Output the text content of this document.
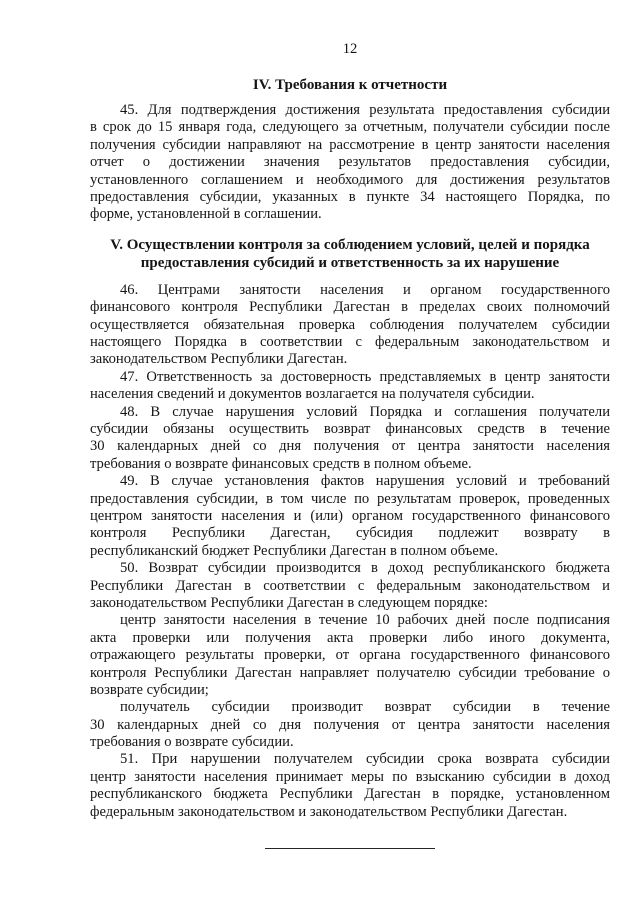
12
IV. Требования к отчетности
45. Для подтверждения достижения результата предоставления субсидии
в срок до 15 января года, следующего за отчетным, получатели субсидии после
получения субсидии направляют на рассмотрение в центр занятости населения
отчет о достижении значения результатов предоставления субсидии,
установленного соглашением и необходимого для достижения результатов
предоставления субсидии, указанных в пункте 34 настоящего Порядка, по
форме, установленной в соглашении.
V. Осуществлении контроля за соблюдением условий, целей и порядка
предоставления субсидий и ответственность за их нарушение
46. Центрами занятости населения и органом государственного
финансового контроля Республики Дагестан в пределах своих полномочий
осуществляется обязательная проверка соблюдения получателем субсидии
настоящего Порядка в соответствии с федеральным законодательством и
законодательством Республики Дагестан.
47. Ответственность за достоверность представляемых в центр занятости
населения сведений и документов возлагается на получателя субсидии.
48. В случае нарушения условий Порядка и соглашения получатели
субсидии обязаны осуществить возврат финансовых средств в течение
30 календарных дней со дня получения от центра занятости населения
требования о возврате финансовых средств в полном объеме.
49. В случае установления фактов нарушения условий и требований
предоставления субсидии, в том числе по результатам проверок, проведенных
центром занятости населения и (или) органом государственного финансового
контроля Республики Дагестан, субсидия подлежит возврату в
республиканский бюджет Республики Дагестан в полном объеме.
50. Возврат субсидии производится в доход республиканского бюджета
Республики Дагестан в соответствии с федеральным законодательством и
законодательством Республики Дагестан в следующем порядке:
центр занятости населения в течение 10 рабочих дней после подписания
акта проверки или получения акта проверки либо иного документа,
отражающего результаты проверки, от органа государственного финансового
контроля Республики Дагестан направляет получателю субсидии требование о
возврате субсидии;
получатель субсидии производит возврат субсидии в течение
30 календарных дней со дня получения от центра занятости населения
требования о возврате субсидии.
51. При нарушении получателем субсидии срока возврата субсидии
центр занятости населения принимает меры по взысканию субсидии в доход
республиканского бюджета Республики Дагестан в порядке, установленном
федеральным законодательством и законодательством Республики Дагестан.
